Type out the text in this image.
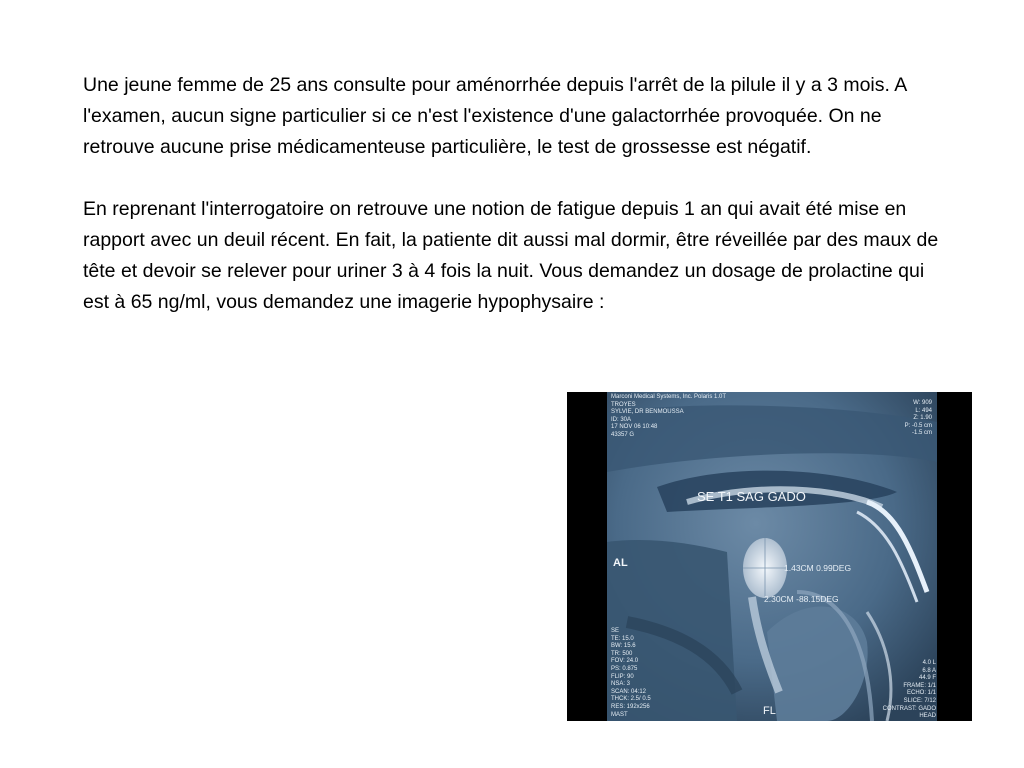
Une jeune femme de 25 ans consulte pour aménorrhée depuis l'arrêt de la pilule il y a 3 mois. A l'examen, aucun signe particulier si ce n'est l'existence d'une galactorrhée provoquée. On ne retrouve aucune prise médicamenteuse particulière, le test de grossesse est négatif.

En reprenant l'interrogatoire on retrouve une notion de fatigue depuis 1 an qui avait été mise en rapport avec un deuil récent. En fait, la patiente dit aussi mal dormir, être réveillée par des maux de tête et devoir se relever pour uriner 3 à 4 fois la nuit. Vous demandez un dosage de prolactine qui est à 65 ng/ml, vous demandez une imagerie hypophysaire :

Marconi Medical Systems, Inc. Polaris 1.0T
TROYES
SYLVIE, DR BENMOUSSA
ID: 30A
17 NOV 06 10:48
43357 G
W: 909
L: 494
Z: 1.90
P: -0.5 cm
-1.5 cm
SE T1 SAG GADO
AL	1.43CM 0.99DEG
2.30CM -88.15DEG
SE
TE: 15.0
BW: 15.6
TR: 500
FOV: 24.0
PS: 0.875
FLIP: 90
NSA: 3
SCAN: 04:12
THCK: 2.5/ 0.5
RES: 192x256
MAST
4.0 L
6.8 A
44.9 F
FRAME: 1/1
ECHO: 1/1
SLICE: 7/12
CONTRAST: GADO
HEAD
FL
